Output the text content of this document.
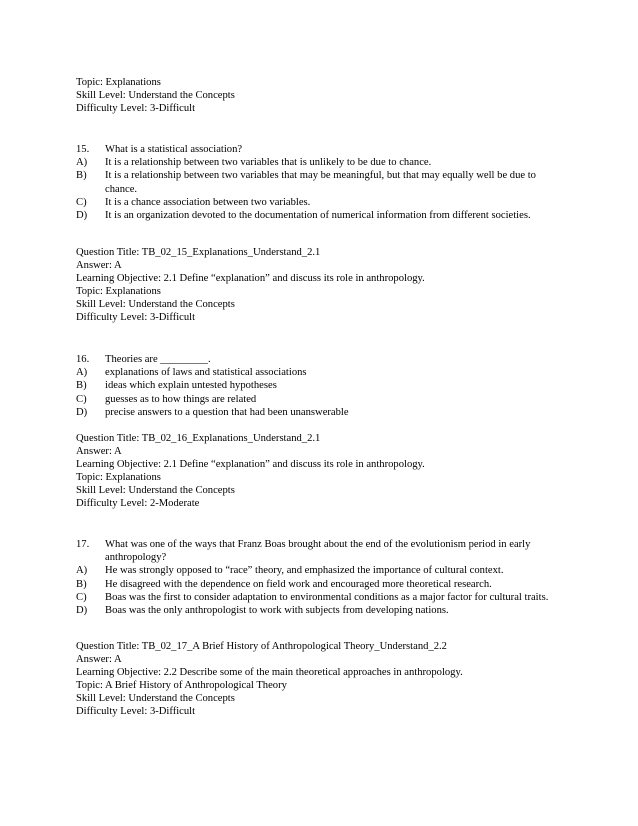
Topic: Explanations
Skill Level: Understand the Concepts
Difficulty Level: 3-Difficult
15.	What is a statistical association?
A)	It is a relationship between two variables that is unlikely to be due to chance.
B)	It is a relationship between two variables that may be meaningful, but that may equally well be due to chance.
C)	It is a chance association between two variables.
D)	It is an organization devoted to the documentation of numerical information from different societies.
Question Title: TB_02_15_Explanations_Understand_2.1
Answer: A
Learning Objective: 2.1 Define “explanation” and discuss its role in anthropology.
Topic: Explanations
Skill Level: Understand the Concepts
Difficulty Level: 3-Difficult
16.	Theories are _________.
A)	explanations of laws and statistical associations
B)	ideas which explain untested hypotheses
C)	guesses as to how things are related
D)	precise answers to a question that had been unanswerable
Question Title: TB_02_16_Explanations_Understand_2.1
Answer: A
Learning Objective: 2.1 Define “explanation” and discuss its role in anthropology.
Topic: Explanations
Skill Level: Understand the Concepts
Difficulty Level: 2-Moderate
17.	What was one of the ways that Franz Boas brought about the end of the evolutionism period in early anthropology?
A)	He was strongly opposed to “race” theory, and emphasized the importance of cultural context.
B)	He disagreed with the dependence on field work and encouraged more theoretical research.
C)	Boas was the first to consider adaptation to environmental conditions as a major factor for cultural traits.
D)	Boas was the only anthropologist to work with subjects from developing nations.
Question Title: TB_02_17_A Brief History of Anthropological Theory_Understand_2.2
Answer: A
Learning Objective: 2.2 Describe some of the main theoretical approaches in anthropology.
Topic: A Brief History of Anthropological Theory
Skill Level: Understand the Concepts
Difficulty Level: 3-Difficult
